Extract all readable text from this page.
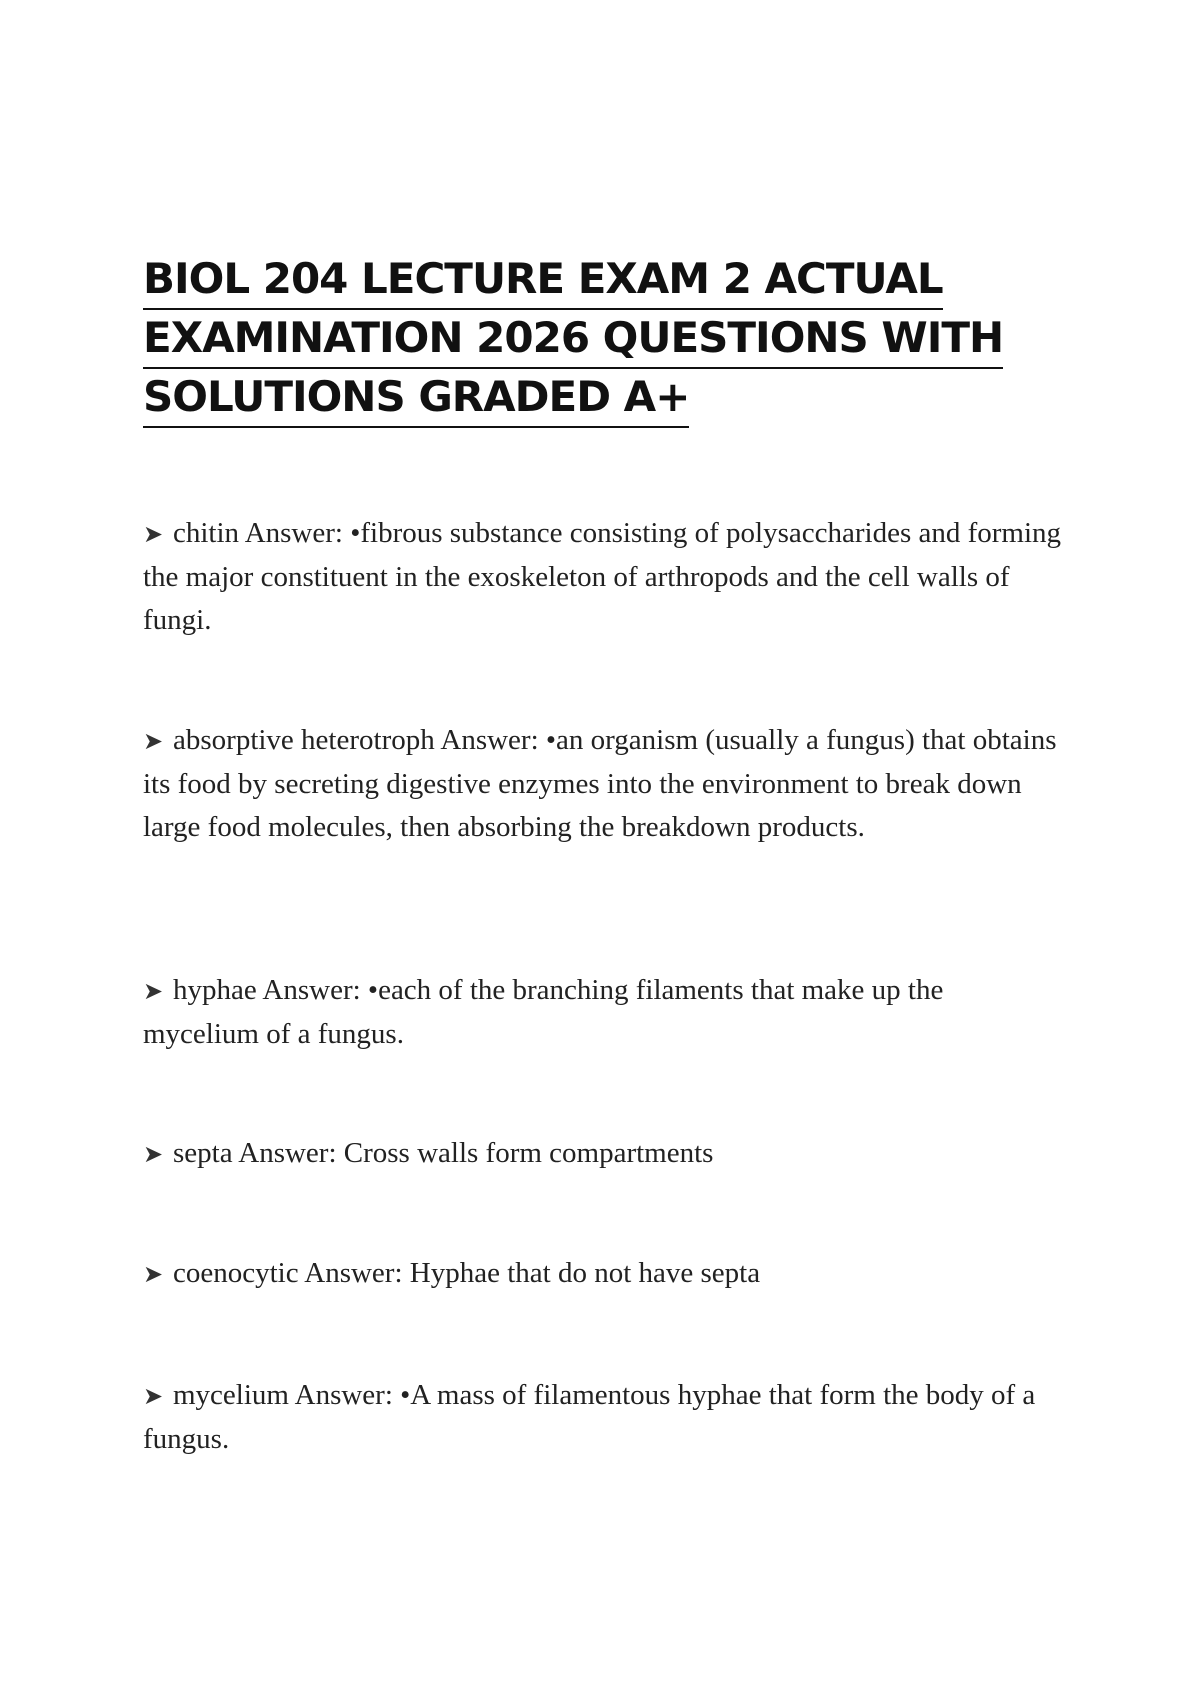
BIOL 204 LECTURE EXAM 2 ACTUAL
EXAMINATION 2026 QUESTIONS WITH
SOLUTIONS GRADED A+
➤ chitin Answer: •fibrous substance consisting of polysaccharides and forming the major constituent in the exoskeleton of arthropods and the cell walls of fungi.
➤ absorptive heterotroph Answer: •an organism (usually a fungus) that obtains its food by secreting digestive enzymes into the environment to break down large food molecules, then absorbing the breakdown products.
➤ hyphae Answer: •each of the branching filaments that make up the mycelium of a fungus.
➤ septa Answer: Cross walls form compartments
➤ coenocytic Answer: Hyphae that do not have septa
➤ mycelium Answer: •A mass of filamentous hyphae that form the body of a fungus.
